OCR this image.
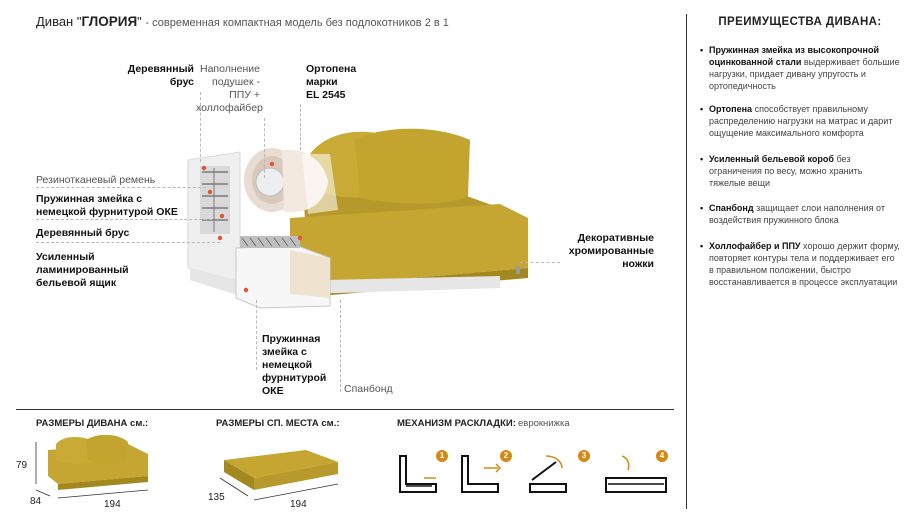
Диван "ГЛОРИЯ" - современная компактная модель без подлокотников 2 в 1
Деревянный
брус
Наполнение
подушек -
ППУ +
холлофайбер
Ортопена
марки
EL 2545
Резинотканевый ремень
Пружинная змейка с
немецкой фурнитурой ОКЕ
Деревянный брус
Усиленный
ламинированный
бельевой ящик
Пружинная
змейка с
немецкой
фурнитурой
ОКЕ	Спанбонд
Декоративные
хромированные
ножки
ПРЕИМУЩЕСТВА ДИВАНА:
• Пружинная змейка из высокопрочной оцинкованной стали выдерживает большие нагрузки, придает дивану упругость и ортопедичность
• Ортопена способствует правильному распределению нагрузки на матрас и дарит ощущение максимального комфорта
• Усиленный бельевой короб без ограничения по весу, можно хранить тяжелые вещи
• Спанбонд защищает слои наполнения от воздействия пружинного блока
• Холлофайбер и ППУ хорошо держит форму, повторяет контуры тела и поддерживает его в правильном положении, быстро восстанавливается в процессе эксплуатации
РАЗМЕРЫ ДИВАНА см.:	РАЗМЕРЫ СП. МЕСТА см.:	МЕХАНИЗМ РАСКЛАДКИ: еврокнижка
79
84	194
135
194
1	2	3	4
